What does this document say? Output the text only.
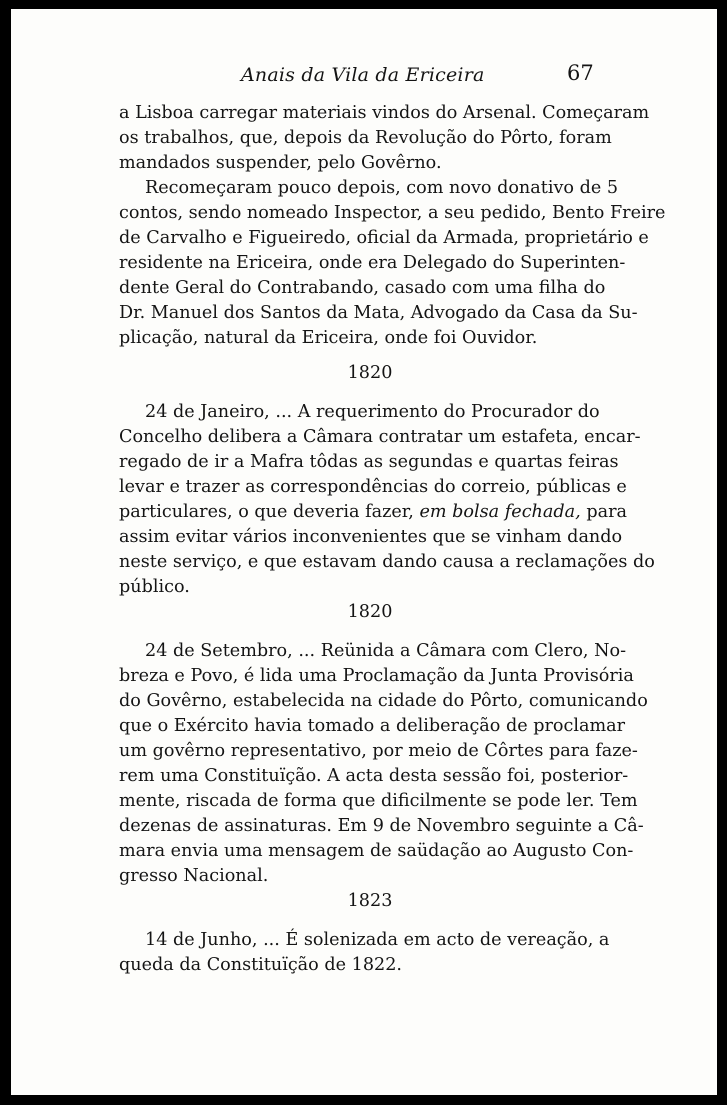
Anais da Vila da Ericeira	67
a Lisboa carregar materiais vindos do Arsenal. Começaram
os trabalhos, que, depois da Revolução do Pôrto, foram
mandados suspender, pelo Govêrno.
Recomeçaram pouco depois, com novo donativo de 5
contos, sendo nomeado Inspector, a seu pedido, Bento Freire
de Carvalho e Figueiredo, oficial da Armada, proprietário e
residente na Ericeira, onde era Delegado do Superinten-
dente Geral do Contrabando, casado com uma filha do
Dr. Manuel dos Santos da Mata, Advogado da Casa da Su-
plicação, natural da Ericeira, onde foi Ouvidor.
1820
24 de Janeiro, ... A requerimento do Procurador do
Concelho delibera a Câmara contratar um estafeta, encar-
regado de ir a Mafra tôdas as segundas e quartas feiras
levar e trazer as correspondências do correio, públicas e
particulares, o que deveria fazer, em bolsa fechada, para
assim evitar vários inconvenientes que se vinham dando
neste serviço, e que estavam dando causa a reclamações do
público.
1820
24 de Setembro, ... Reünida a Câmara com Clero, No-
breza e Povo, é lida uma Proclamação da Junta Provisória
do Govêrno, estabelecida na cidade do Pôrto, comunicando
que o Exército havia tomado a deliberação de proclamar
um govêrno representativo, por meio de Côrtes para faze-
rem uma Constituïção. A acta desta sessão foi, posterior-
mente, riscada de forma que dificilmente se pode ler. Tem
dezenas de assinaturas. Em 9 de Novembro seguinte a Câ-
mara envia uma mensagem de saüdação ao Augusto Con-
gresso Nacional.
1823
14 de Junho, ... É solenizada em acto de vereação, a
queda da Constituïção de 1822.
